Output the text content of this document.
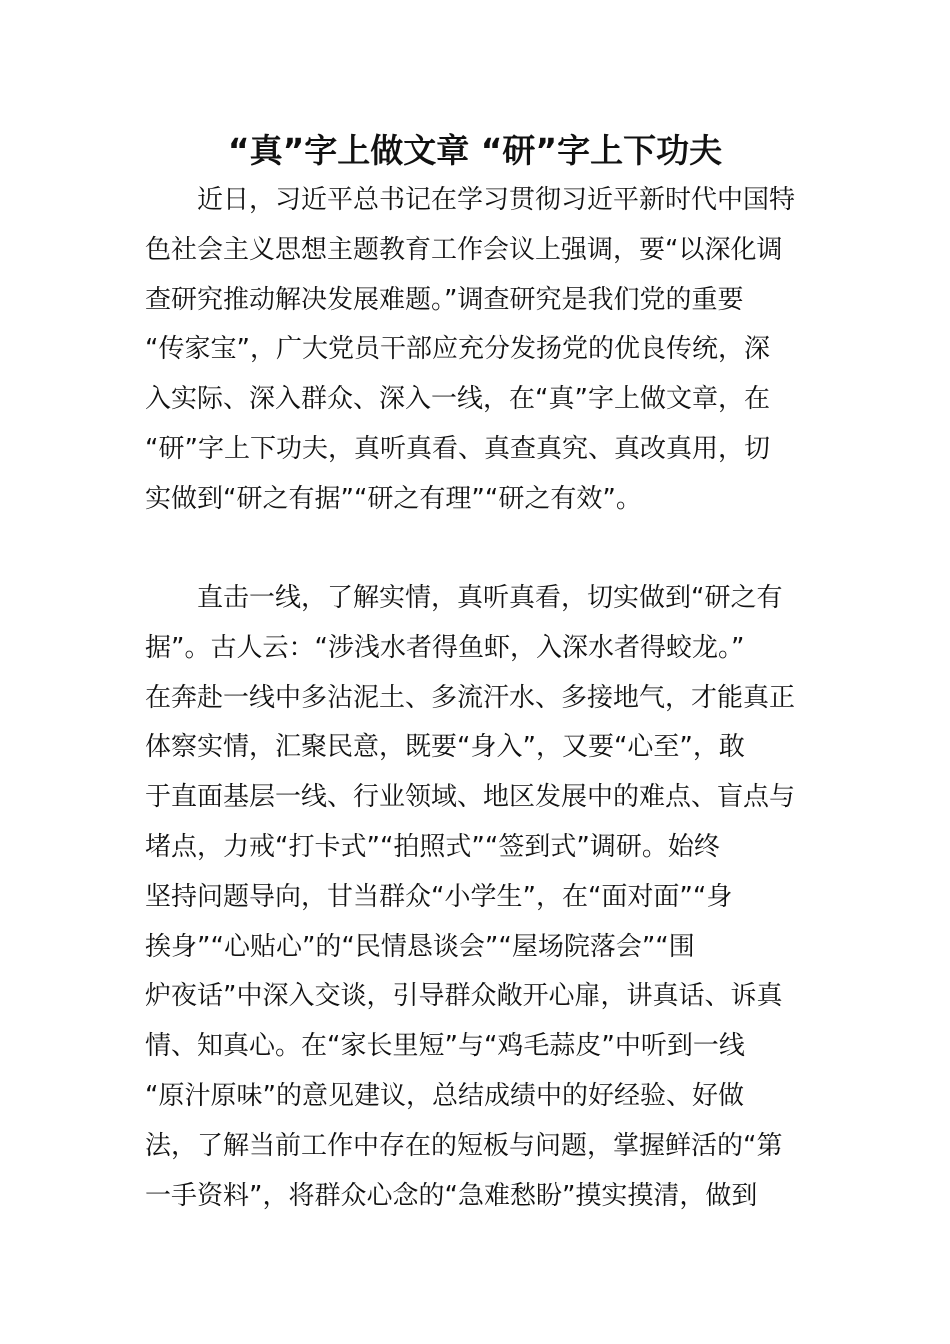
“真”字上做文章 “研”字上下功夫
　　近日，习近平总书记在学习贯彻习近平新时代中国特
色社会主义思想主题教育工作会议上强调，要“以深化调
查研究推动解决发展难题。”调查研究是我们党的重要
“传家宝”，广大党员干部应充分发扬党的优良传统，深
入实际、深入群众、深入一线，在“真”字上做文章，在
“研”字上下功夫，真听真看、真查真究、真改真用，切
实做到“研之有据”“研之有理”“研之有效”。
　　直击一线，了解实情，真听真看，切实做到“研之有
据”。古人云：“涉浅水者得鱼虾，入深水者得蛟龙。”
在奔赴一线中多沾泥土、多流汗水、多接地气，才能真正
体察实情，汇聚民意，既要“身入”，又要“心至”，敢
于直面基层一线、行业领域、地区发展中的难点、盲点与
堵点，力戒“打卡式”“拍照式”“签到式”调研。始终
坚持问题导向，甘当群众“小学生”，在“面对面”“身
挨身”“心贴心”的“民情恳谈会”“屋场院落会”“围
炉夜话”中深入交谈，引导群众敞开心扉，讲真话、诉真
情、知真心。在“家长里短”与“鸡毛蒜皮”中听到一线
“原汁原味”的意见建议，总结成绩中的好经验、好做
法，了解当前工作中存在的短板与问题，掌握鲜活的“第
一手资料”，将群众心念的“急难愁盼”摸实摸清，做到
